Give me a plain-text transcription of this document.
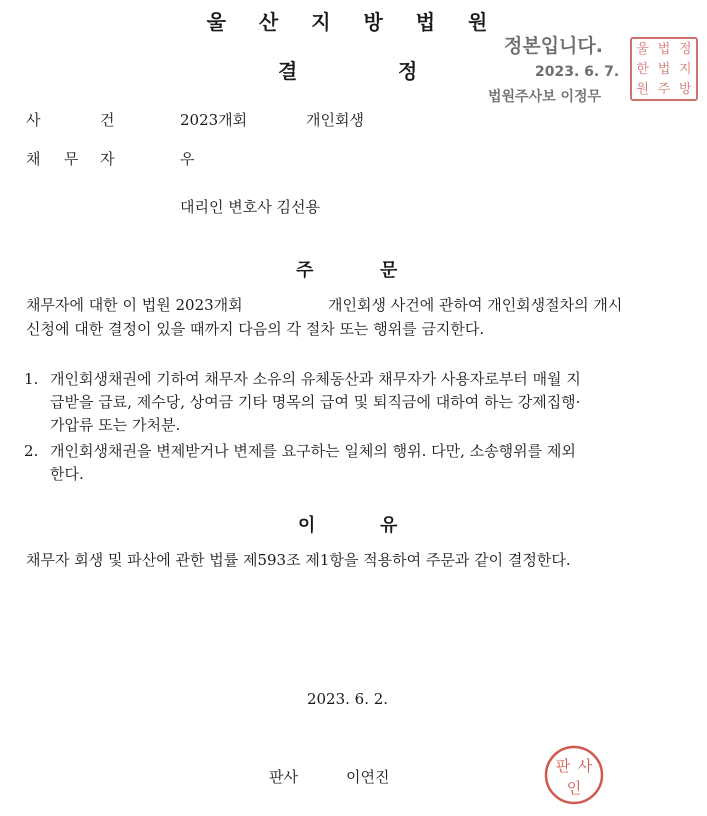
울 산 지 방 법 원
결	정
정본입니다.
2023. 6. 7.
법원주사보 이정무
울 법 정
한 법 지
원 주 방
사	건	2023개회	개인회생
채 무 자	우
대리인 변호사 김선용
주	문
채무자에 대한 이 법원 2023개회	개인회생 사건에 관하여 개인회생절차의 개시
신청에 대한 결정이 있을 때까지 다음의 각 절차 또는 행위를 금지한다.
1. 개인회생채권에 기하여 채무자 소유의 유체동산과 채무자가 사용자로부터 매월 지
급받을 급료, 제수당, 상여금 기타 명목의 급여 및 퇴직금에 대하여 하는 강제집행·
가압류 또는 가처분.
2. 개인회생채권을 변제받거나 변제를 요구하는 일체의 행위. 다만, 소송행위를 제외
한다.
이	유
채무자 회생 및 파산에 관한 법률 제593조 제1항을 적용하여 주문과 같이 결정한다.
2023. 6. 2.
판사	이연진
판 사
인
